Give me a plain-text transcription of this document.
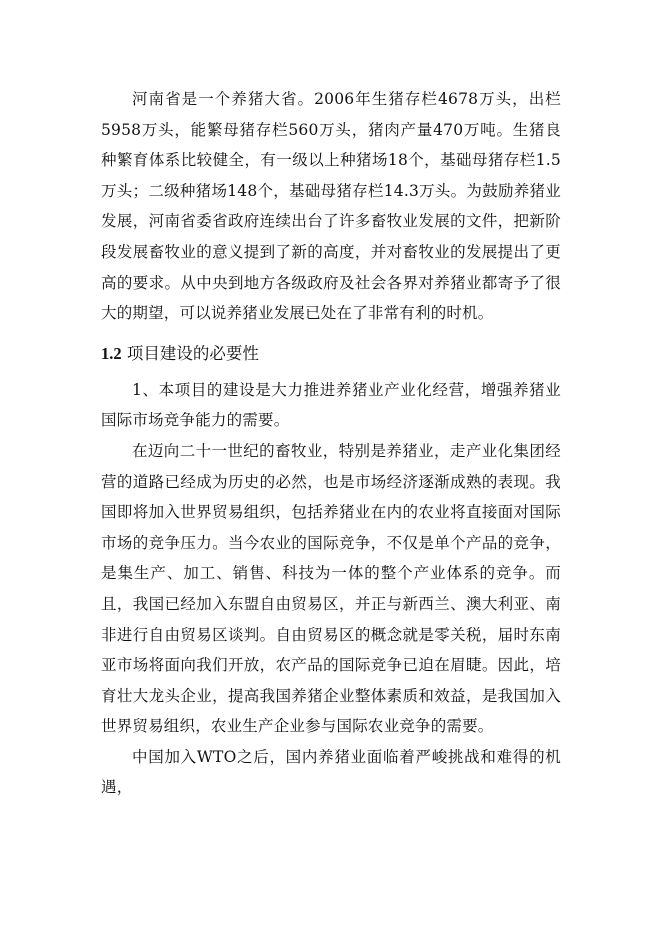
河南省是一个养猪大省。2006年生猪存栏4678万头，出栏5958万头，能繁母猪存栏560万头，猪肉产量470万吨。生猪良种繁育体系比较健全，有一级以上种猪场18个，基础母猪存栏1.5万头；二级种猪场148个，基础母猪存栏14.3万头。为鼓励养猪业发展，河南省委省政府连续出台了许多畜牧业发展的文件，把新阶段发展畜牧业的意义提到了新的高度，并对畜牧业的发展提出了更高的要求。从中央到地方各级政府及社会各界对养猪业都寄予了很大的期望，可以说养猪业发展已处在了非常有利的时机。

1.2 项目建设的必要性

1、本项目的建设是大力推进养猪业产业化经营，增强养猪业国际市场竞争能力的需要。

在迈向二十一世纪的畜牧业，特别是养猪业，走产业化集团经营的道路已经成为历史的必然，也是市场经济逐渐成熟的表现。我国即将加入世界贸易组织，包括养猪业在内的农业将直接面对国际市场的竞争压力。当今农业的国际竞争，不仅是单个产品的竞争，是集生产、加工、销售、科技为一体的整个产业体系的竞争。而且，我国已经加入东盟自由贸易区，并正与新西兰、澳大利亚、南非进行自由贸易区谈判。自由贸易区的概念就是零关税，届时东南亚市场将面向我们开放，农产品的国际竞争已迫在眉睫。因此，培育壮大龙头企业，提高我国养猪企业整体素质和效益，是我国加入世界贸易组织，农业生产企业参与国际农业竞争的需要。

中国加入WTO之后，国内养猪业面临着严峻挑战和难得的机遇，
